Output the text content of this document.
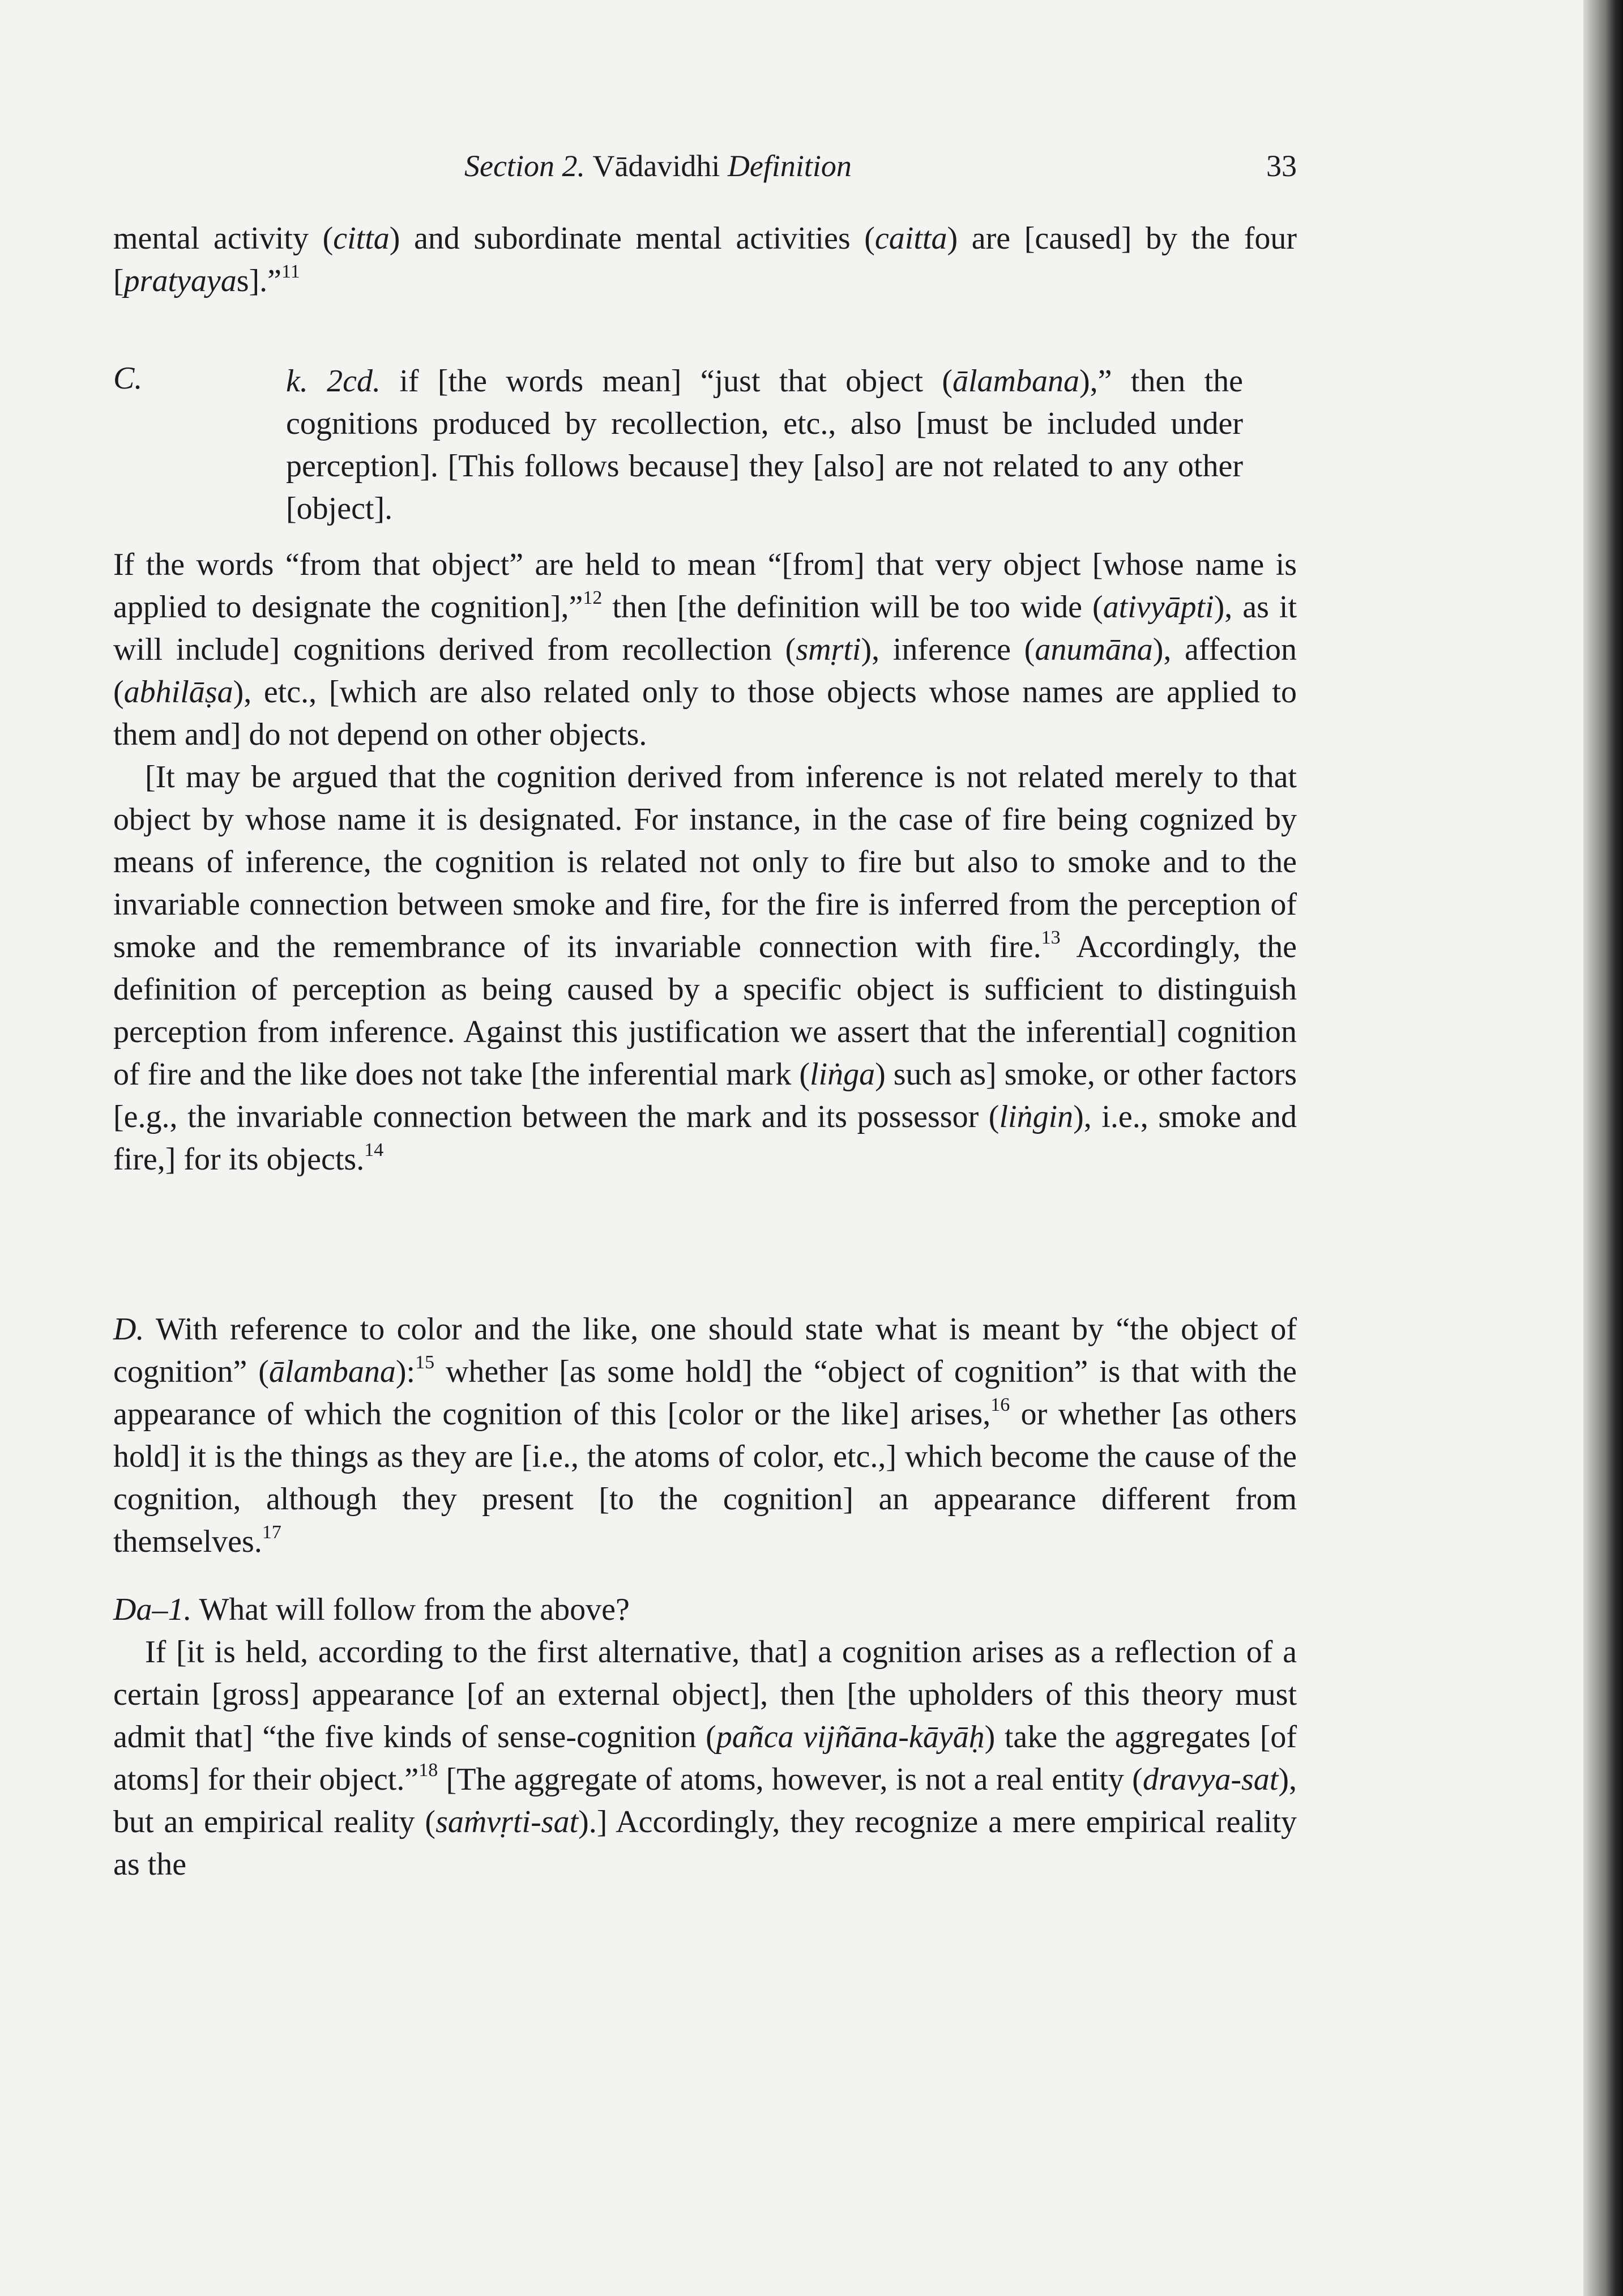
Section 2. Vādavidhi Definition	33

mental activity (citta) and subordinate mental activities (caitta) are [caused] by the four [pratyayas].”$^{11}$

C.	k. 2cd. if [the words mean] “just that object (ālambana),” then the cognitions produced by recollection, etc., also [must be included under perception]. [This follows because] they [also] are not related to any other [object].

If the words “from that object” are held to mean “[from] that very object [whose name is applied to designate the cognition],”$^{12}$ then [the definition will be too wide (ativyāpti), as it will include] cognitions derived from recollection (smṛti), inference (anumāna), affection (abhilāṣa), etc., [which are also related only to those objects whose names are applied to them and] do not depend on other objects.

[It may be argued that the cognition derived from inference is not related merely to that object by whose name it is designated. For instance, in the case of fire being cognized by means of inference, the cognition is related not only to fire but also to smoke and to the invariable connection between smoke and fire, for the fire is inferred from the perception of smoke and the remembrance of its invariable connection with fire.$^{13}$ Accordingly, the definition of perception as being caused by a specific object is sufficient to distinguish perception from inference. Against this justification we assert that the inferential] cognition of fire and the like does not take [the inferential mark (liṅga) such as] smoke, or other factors [e.g., the invariable connection between the mark and its possessor (liṅgin), i.e., smoke and fire,] for its objects.$^{14}$

D. With reference to color and the like, one should state what is meant by “the object of cognition” (ālambana):$^{15}$ whether [as some hold] the “object of cognition” is that with the appearance of which the cognition of this [color or the like] arises,$^{16}$ or whether [as others hold] it is the things as they are [i.e., the atoms of color, etc.,] which become the cause of the cognition, although they present [to the cognition] an appearance different from themselves.$^{17}$

Da–1. What will follow from the above?

If [it is held, according to the first alternative, that] a cognition arises as a reflection of a certain [gross] appearance [of an external object], then [the upholders of this theory must admit that] “the five kinds of sense-cognition (pañca vijñāna-kāyāḥ) take the aggregates [of atoms] for their object.”$^{18}$ [The aggregate of atoms, however, is not a real entity (dravya-sat), but an empirical reality (saṁvṛti-sat).] Accordingly, they recognize a mere empirical reality as the
